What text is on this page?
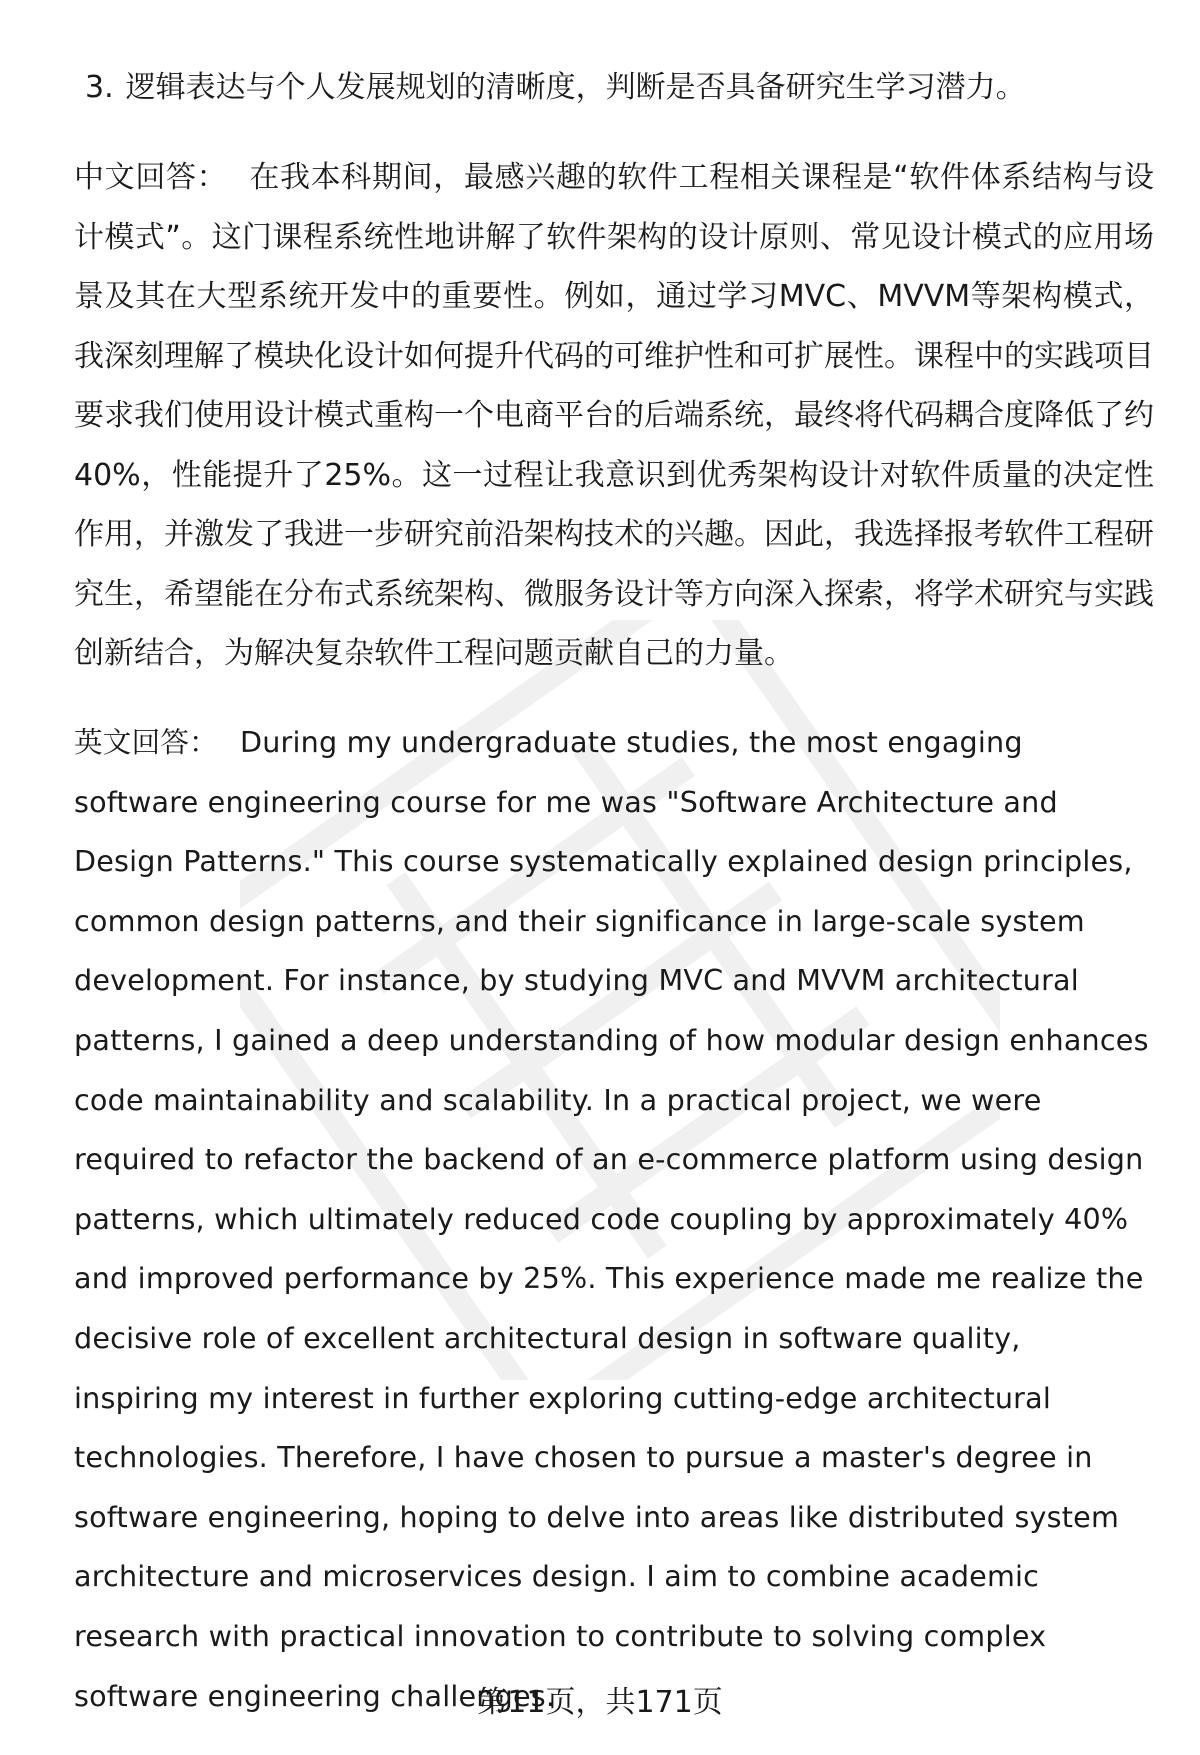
3. 逻辑表达与个人发展规划的清晰度，判断是否具备研究生学习潜力。

中文回答： 在我本科期间，最感兴趣的软件工程相关课程是“软件体系结构与设计模式”。这门课程系统性地讲解了软件架构的设计原则、常见设计模式的应用场景及其在大型系统开发中的重要性。例如，通过学习MVC、MVVM等架构模式，我深刻理解了模块化设计如何提升代码的可维护性和可扩展性。课程中的实践项目要求我们使用设计模式重构一个电商平台的后端系统，最终将代码耦合度降低了约40%，性能提升了25%。这一过程让我意识到优秀架构设计对软件质量的决定性作用，并激发了我进一步研究前沿架构技术的兴趣。因此，我选择报考软件工程研究生，希望能在分布式系统架构、微服务设计等方向深入探索，将学术研究与实践创新结合，为解决复杂软件工程问题贡献自己的力量。

英文回答： During my undergraduate studies, the most engaging software engineering course for me was "Software Architecture and Design Patterns." This course systematically explained design principles, common design patterns, and their significance in large-scale system development. For instance, by studying MVC and MVVM architectural patterns, I gained a deep understanding of how modular design enhances code maintainability and scalability. In a practical project, we were required to refactor the backend of an e-commerce platform using design patterns, which ultimately reduced code coupling by approximately 40% and improved performance by 25%. This experience made me realize the decisive role of excellent architectural design in software quality, inspiring my interest in further exploring cutting-edge architectural technologies. Therefore, I have chosen to pursue a master's degree in software engineering, hoping to delve into areas like distributed system architecture and microservices design. I aim to combine academic research with practical innovation to contribute to solving complex software engineering challenges.

第11页，共171页
